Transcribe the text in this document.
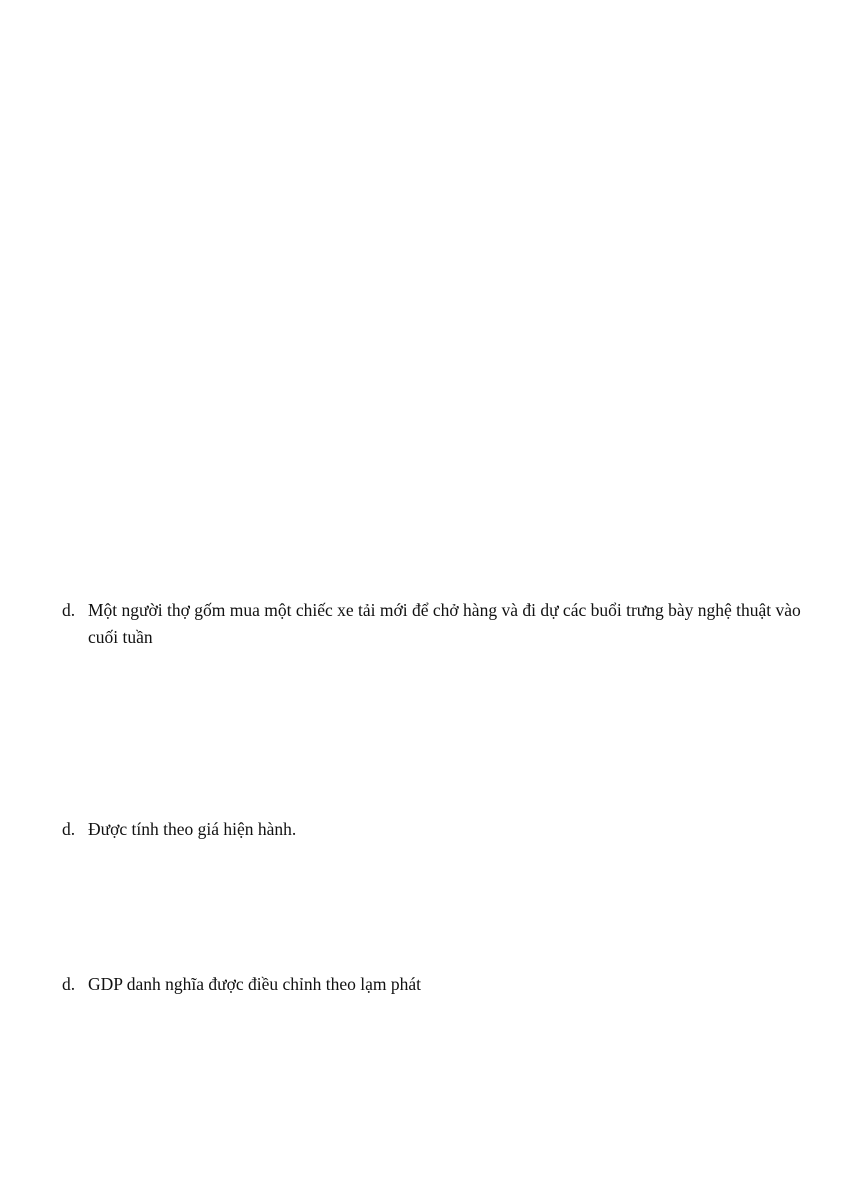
d. Một người thợ gốm mua một chiếc xe tải mới để chở hàng và đi dự các buổi trưng bày nghệ thuật vào cuối tuần
d. Được tính theo giá hiện hành.
d. GDP danh nghĩa được điều chỉnh theo lạm phát
